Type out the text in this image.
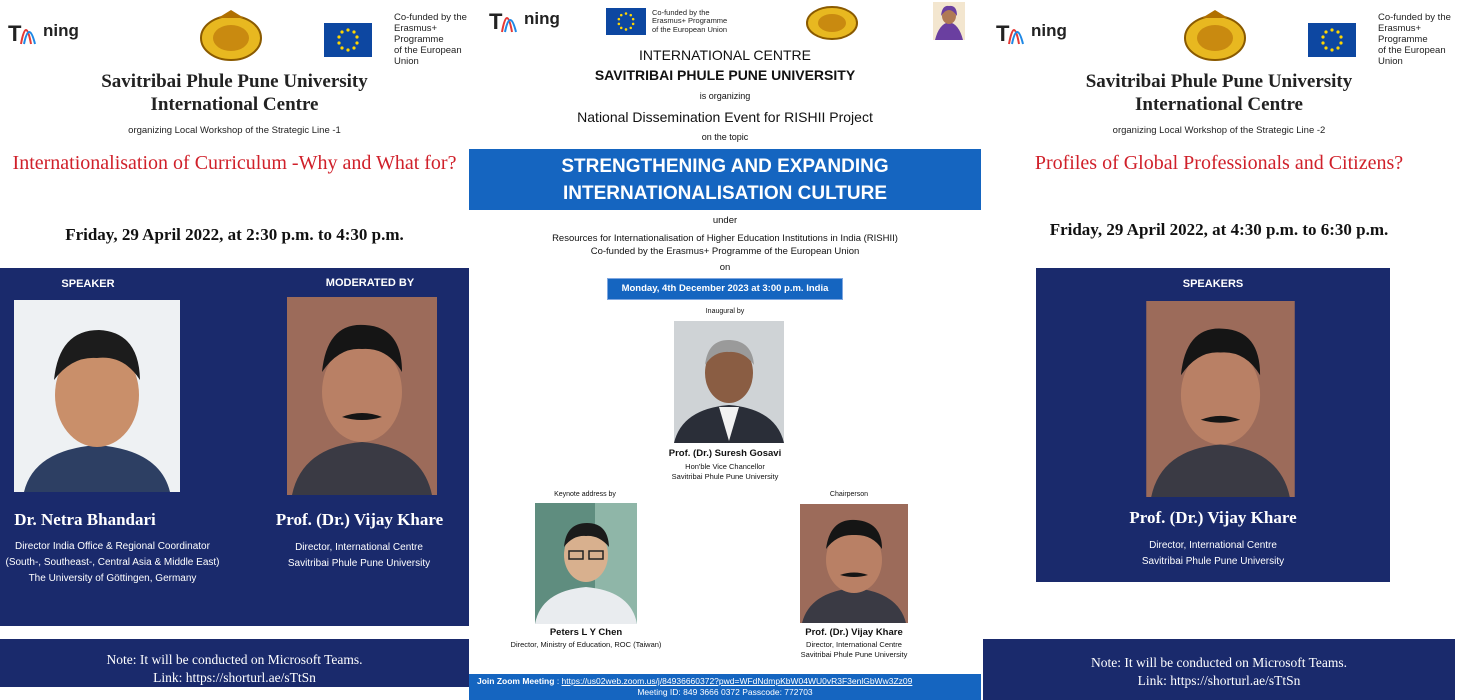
T ning
Co-funded by the
Erasmus+ Programme
of the European Union
Savitribai Phule Pune University
International Centre
organizing Local Workshop of the Strategic Line -1
Internationalisation of Curriculum -Why and What for?
Friday, 29 April 2022, at 2:30 p.m. to 4:30 p.m.
SPEAKER	MODERATED BY
Dr. Netra Bhandari	Prof. (Dr.) Vijay Khare
Director India Office & Regional Coordinator
(South-, Southeast-, Central Asia & Middle East)
The University of Göttingen, Germany
Director, International Centre
Savitribai Phule Pune University
Note: It will be conducted on Microsoft Teams.
Link: https://shorturl.ae/sTtSn
T ning	Co-funded by the
Erasmus+ Programme
of the European Union
INTERNATIONAL CENTRE
SAVITRIBAI PHULE PUNE UNIVERSITY
is organizing
National Dissemination Event for RISHII Project
on the topic
STRENGTHENING AND EXPANDING
INTERNATIONALISATION CULTURE
under
Resources for Internationalisation of Higher Education Institutions in India (RISHII)
Co-funded by the Erasmus+ Programme of the European Union
on
Monday, 4th December 2023 at 3:00 p.m. India
Inaugural by
Prof. (Dr.) Suresh Gosavi
Hon'ble Vice Chancellor
Savitribai Phule Pune University
Keynote address by
Peters L Y Chen
Director, Ministry of Education, ROC (Taiwan)
Chairperson
Prof. (Dr.) Vijay Khare
Director, International Centre
Savitribai Phule Pune University
Join Zoom Meeting : https://us02web.zoom.us/j/84936660372?pwd=WFdNdmpKbW04WU0vR3F3enlGbWw3Zz09
Meeting ID: 849 3666 0372 Passcode: 772703
T ning
Co-funded by the
Erasmus+ Programme
of the European Union
Savitribai Phule Pune University
International Centre
organizing Local Workshop of the Strategic Line -2
Profiles of Global Professionals and Citizens?
Friday, 29 April 2022, at 4:30 p.m. to 6:30 p.m.
SPEAKERS
Prof. (Dr.) Vijay Khare
Director, International Centre
Savitribai Phule Pune University
Note: It will be conducted on Microsoft Teams.
Link: https://shorturl.ae/sTtSn
